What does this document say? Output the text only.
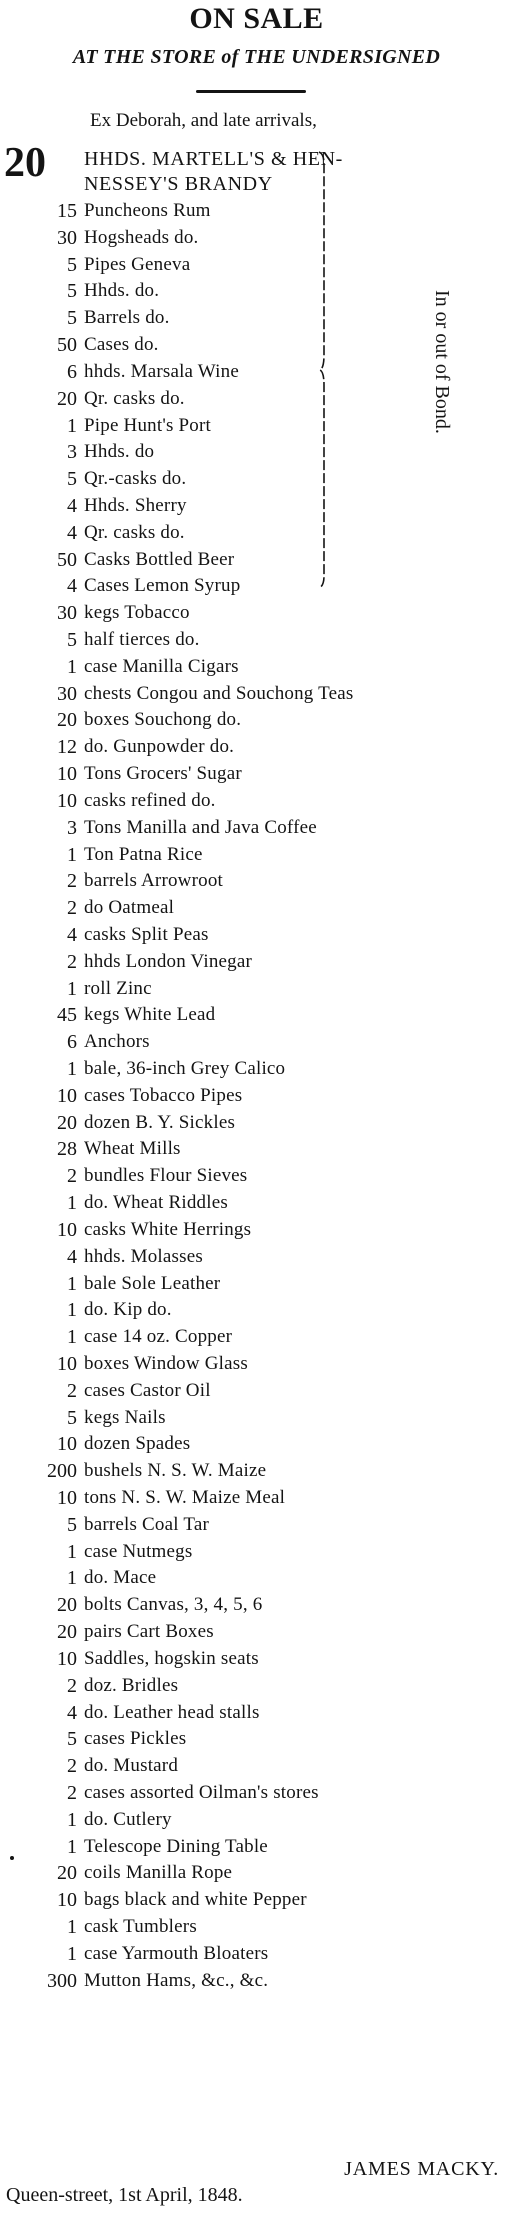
ON SALE

AT THE STORE of THE UNDERSIGNED

Ex Deborah, and late arrivals,

20 HHDS. MARTELL'S & HEN-
NESSEY'S BRANDY
In or out of Bond.
15 Puncheons Rum
30 Hogsheads do.
5 Pipes Geneva
5 Hhds. do.
5 Barrels do.
50 Cases do.
6 hhds. Marsala Wine
20 Qr. casks do.
1 Pipe Hunt's Port
3 Hhds. do
5 Qr.-casks do.
4 Hhds. Sherry
4 Qr. casks do.
50 Casks Bottled Beer
4 Cases Lemon Syrup
30 kegs Tobacco
5 half tierces do.
1 case Manilla Cigars
30 chests Congou and Souchong Teas
20 boxes Souchong do.
12 do. Gunpowder do.
10 Tons Grocers' Sugar
10 casks refined do.
3 Tons Manilla and Java Coffee
1 Ton Patna Rice
2 barrels Arrowroot
2 do Oatmeal
4 casks Split Peas
2 hhds London Vinegar
1 roll Zinc
45 kegs White Lead
6 Anchors
1 bale, 36-inch Grey Calico
10 cases Tobacco Pipes
20 dozen B. Y. Sickles
28 Wheat Mills
2 bundles Flour Sieves
1 do. Wheat Riddles
10 casks White Herrings
4 hhds. Molasses
1 bale Sole Leather
1 do. Kip do.
1 case 14 oz. Copper
10 boxes Window Glass
2 cases Castor Oil
5 kegs Nails
10 dozen Spades
200 bushels N. S. W. Maize
10 tons N. S. W. Maize Meal
5 barrels Coal Tar
1 case Nutmegs
1 do. Mace
20 bolts Canvas, 3, 4, 5, 6
20 pairs Cart Boxes
10 Saddles, hogskin seats
2 doz. Bridles
4 do. Leather head stalls
5 cases Pickles
2 do. Mustard
2 cases assorted Oilman's stores
1 do. Cutlery
1 Telescope Dining Table
20 coils Manilla Rope
10 bags black and white Pepper
1 cask Tumblers
1 case Yarmouth Bloaters
300 Mutton Hams, &c., &c.

JAMES MACKY.

Queen-street, 1st April, 1848.
